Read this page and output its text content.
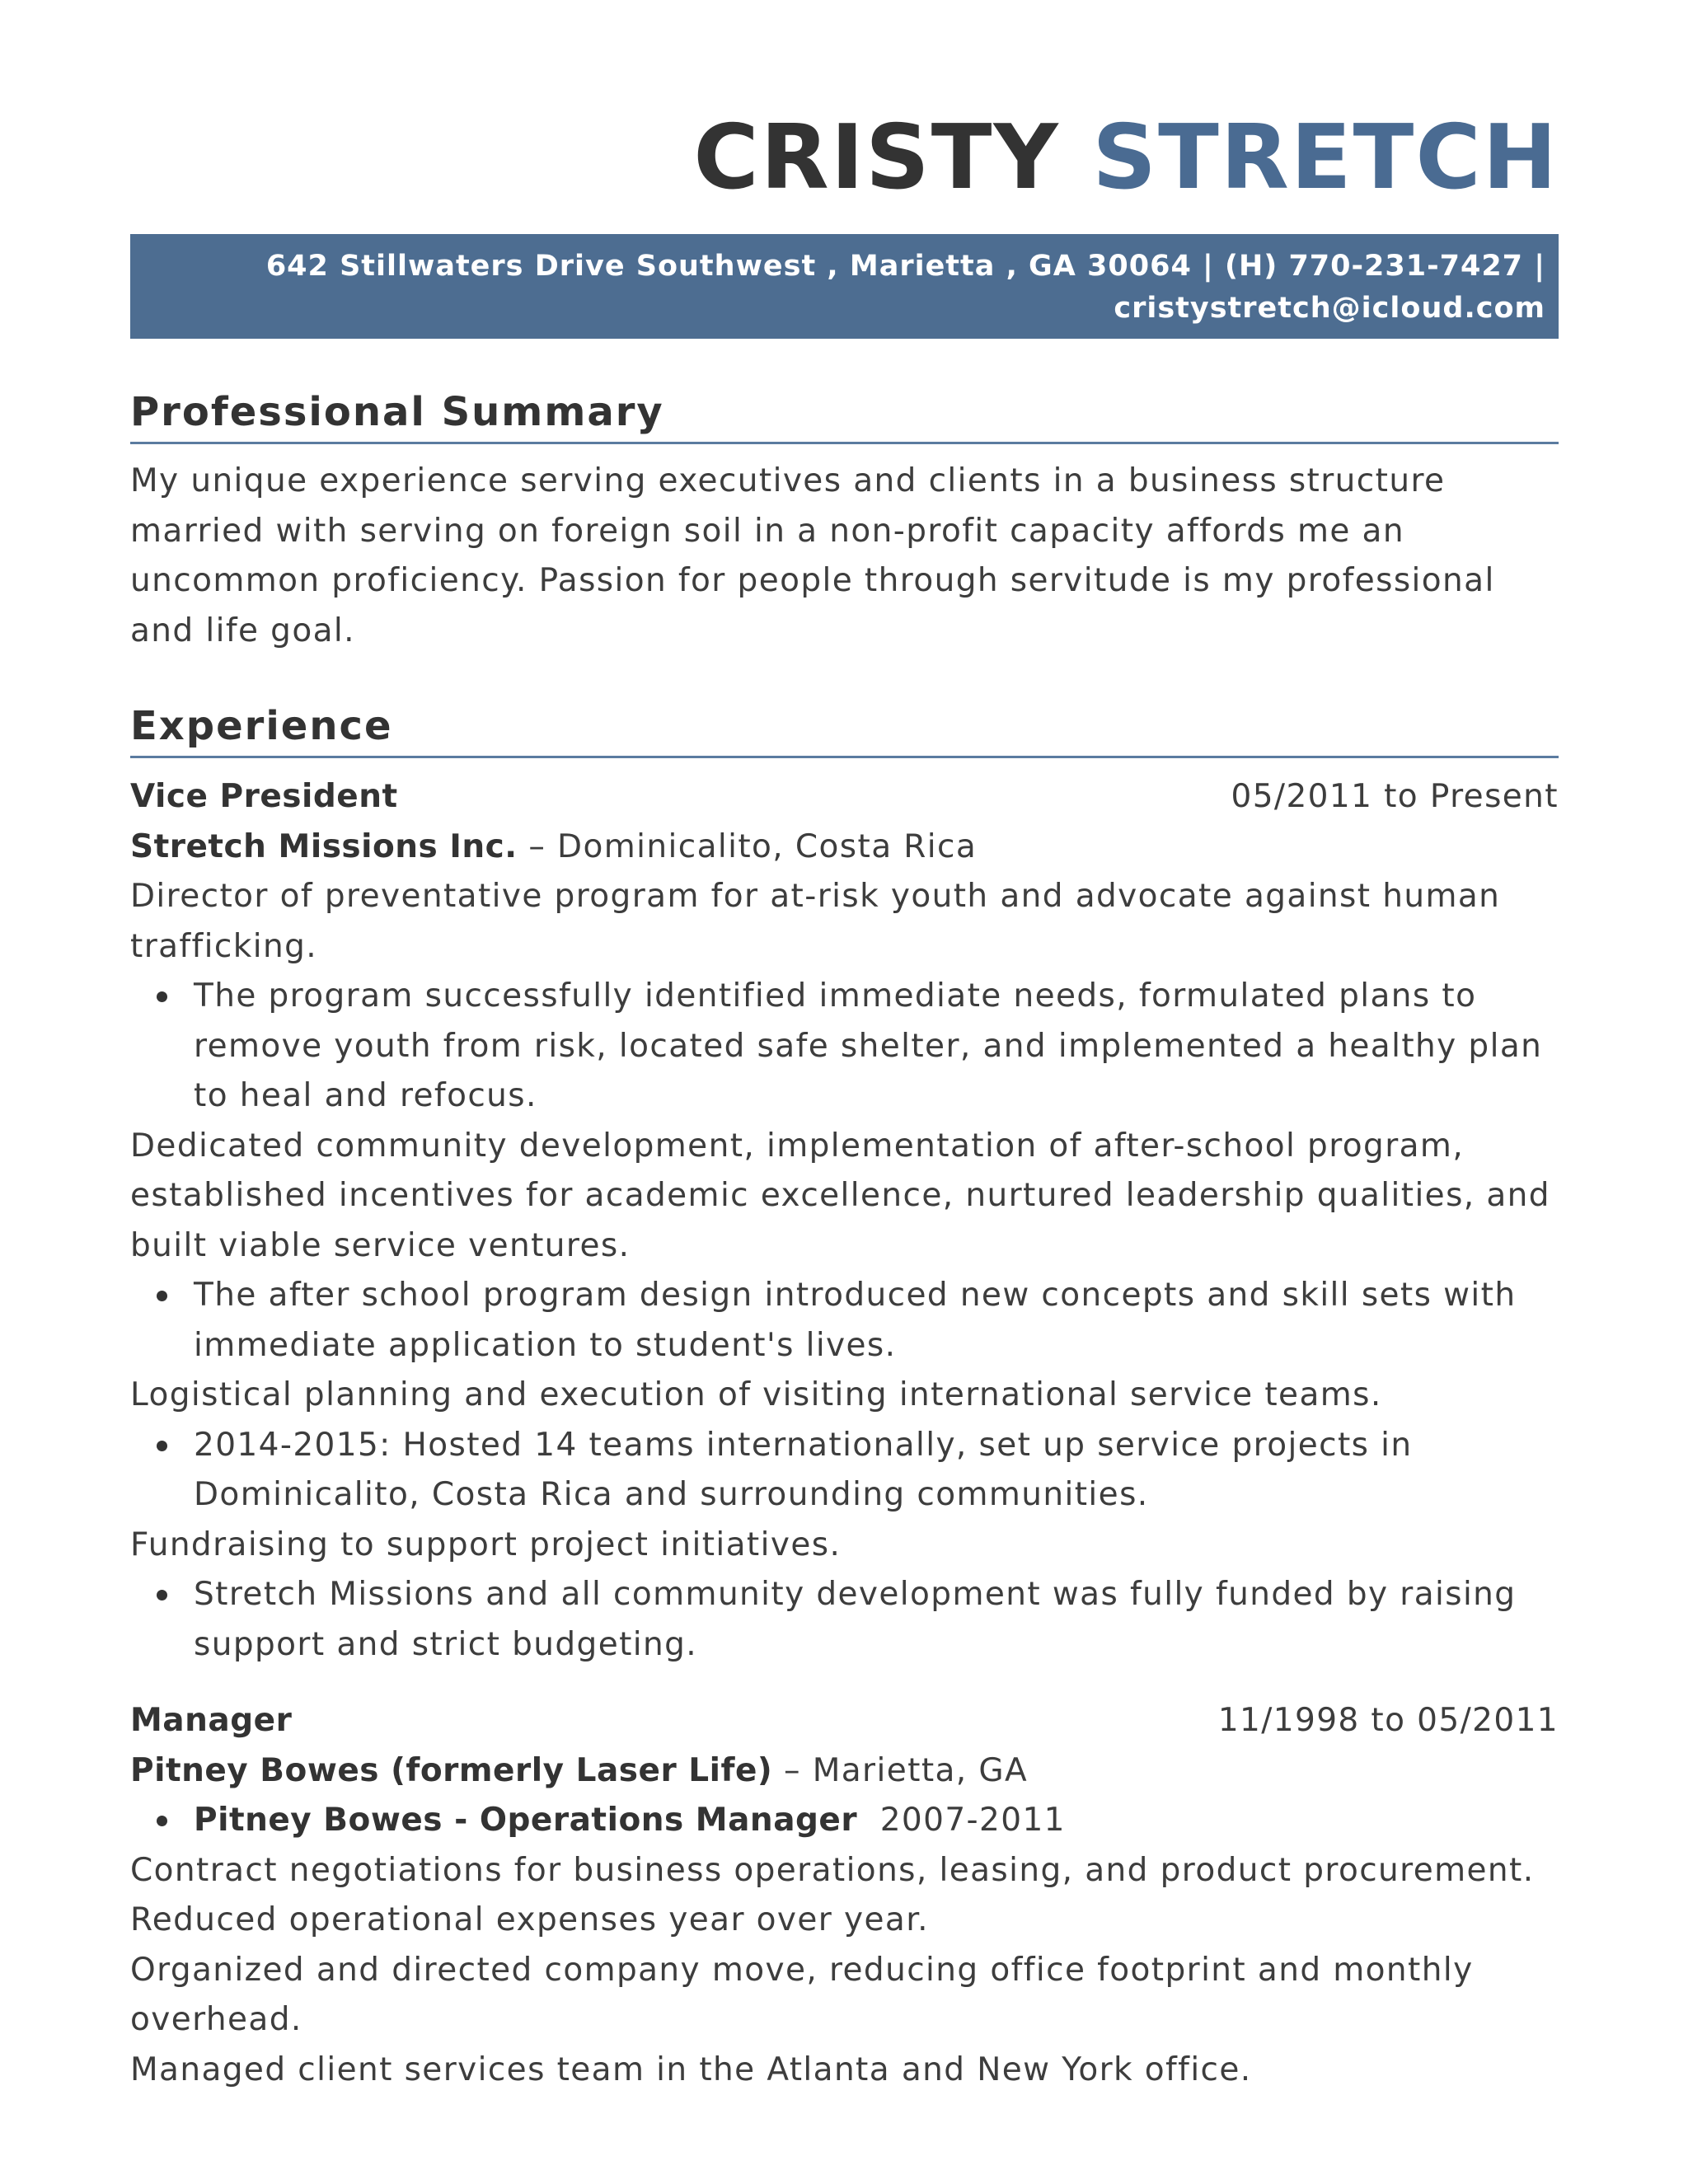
CRISTY STRETCH
642 Stillwaters Drive Southwest , Marietta , GA 30064 | (H) 770-231-7427 |
cristystretch@icloud.com
Professional Summary
My unique experience serving executives and clients in a business structure married with serving on foreign soil in a non-profit capacity affords me an uncommon proficiency. Passion for people through servitude is my professional and life goal.
Experience
Vice President	05/2011 to Present
Stretch Missions Inc. – Dominicalito, Costa Rica

Director of preventative program for at-risk youth and advocate against human trafficking.

The program successfully identified immediate needs, formulated plans to remove youth from risk, located safe shelter, and implemented a healthy plan to heal and refocus.

Dedicated community development, implementation of after-school program, established incentives for academic excellence, nurtured leadership qualities, and built viable service ventures.

The after school program design introduced new concepts and skill sets with immediate application to student's lives.

Logistical planning and execution of visiting international service teams.

2014-2015: Hosted 14 teams internationally, set up service projects in Dominicalito, Costa Rica and surrounding communities.

Fundraising to support project initiatives.

Stretch Missions and all community development was fully funded by raising support and strict budgeting.
Manager	11/1998 to 05/2011
Pitney Bowes (formerly Laser Life) – Marietta, GA
Pitney Bowes - Operations Manager  2007-2011

Contract negotiations for business operations, leasing, and product procurement. Reduced operational expenses year over year.

Organized and directed company move, reducing office footprint and monthly overhead.

Managed client services team in the Atlanta and New York office.
